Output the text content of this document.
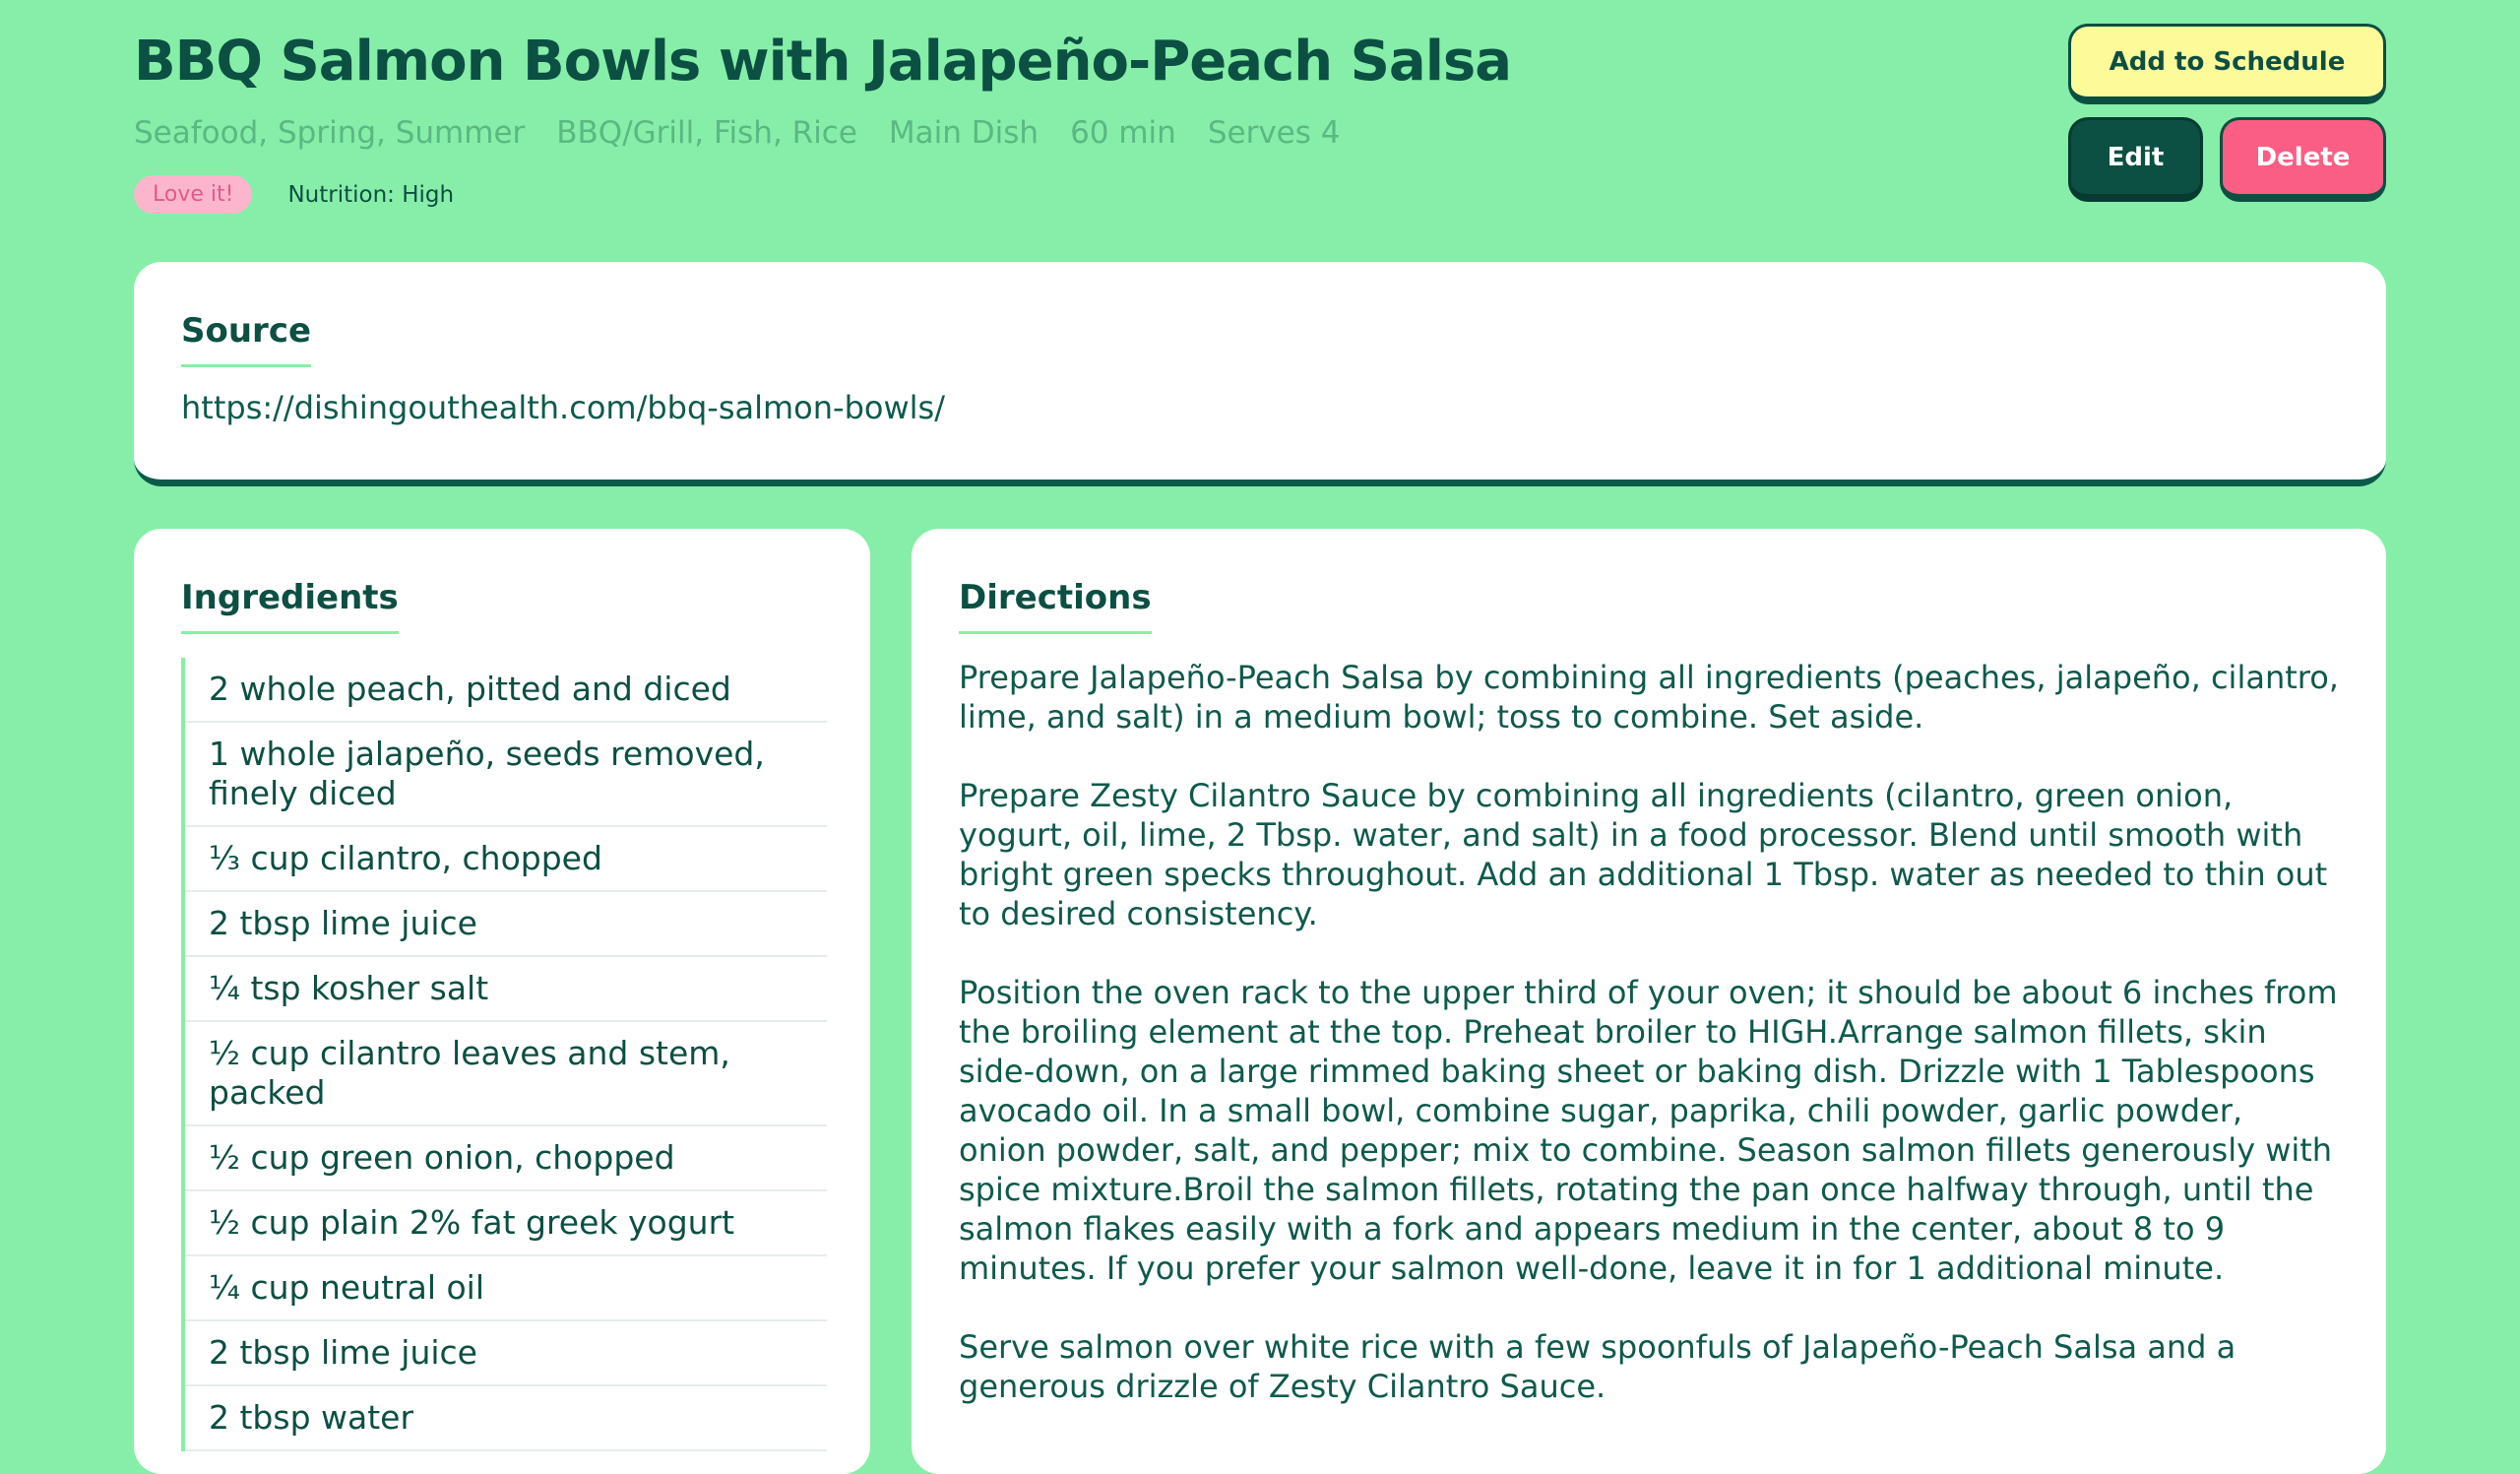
BBQ Salmon Bowls with Jalapeño-Peach Salsa
Seafood, Spring, Summer BBQ/Grill, Fish, Rice Main Dish 60 min Serves 4
Love it!	Nutrition: High
Add to Schedule
Edit	Delete
Source
https://dishingouthealth.com/bbq-salmon-bowls/
Ingredients
2 whole peach, pitted and diced
1 whole jalapeño, seeds removed, finely diced
⅓ cup cilantro, chopped
2 tbsp lime juice
¼ tsp kosher salt
½ cup cilantro leaves and stem, packed
½ cup green onion, chopped
½ cup plain 2% fat greek yogurt
¼ cup neutral oil
2 tbsp lime juice
2 tbsp water
Directions

Prepare Jalapeño-Peach Salsa by combining all ingredients (peaches, jalapeño, cilantro, lime, and salt) in a medium bowl; toss to combine. Set aside.

Prepare Zesty Cilantro Sauce by combining all ingredients (cilantro, green onion, yogurt, oil, lime, 2 Tbsp. water, and salt) in a food processor. Blend until smooth with bright green specks throughout. Add an additional 1 Tbsp. water as needed to thin out to desired consistency.

Position the oven rack to the upper third of your oven; it should be about 6 inches from the broiling element at the top. Preheat broiler to HIGH.Arrange salmon fillets, skin side-down, on a large rimmed baking sheet or baking dish. Drizzle with 1 Tablespoons avocado oil. In a small bowl, combine sugar, paprika, chili powder, garlic powder, onion powder, salt, and pepper; mix to combine. Season salmon fillets generously with spice mixture.Broil the salmon fillets, rotating the pan once halfway through, until the salmon flakes easily with a fork and appears medium in the center, about 8 to 9 minutes. If you prefer your salmon well-done, leave it in for 1 additional minute.

Serve salmon over white rice with a few spoonfuls of Jalapeño-Peach Salsa and a generous drizzle of Zesty Cilantro Sauce.
